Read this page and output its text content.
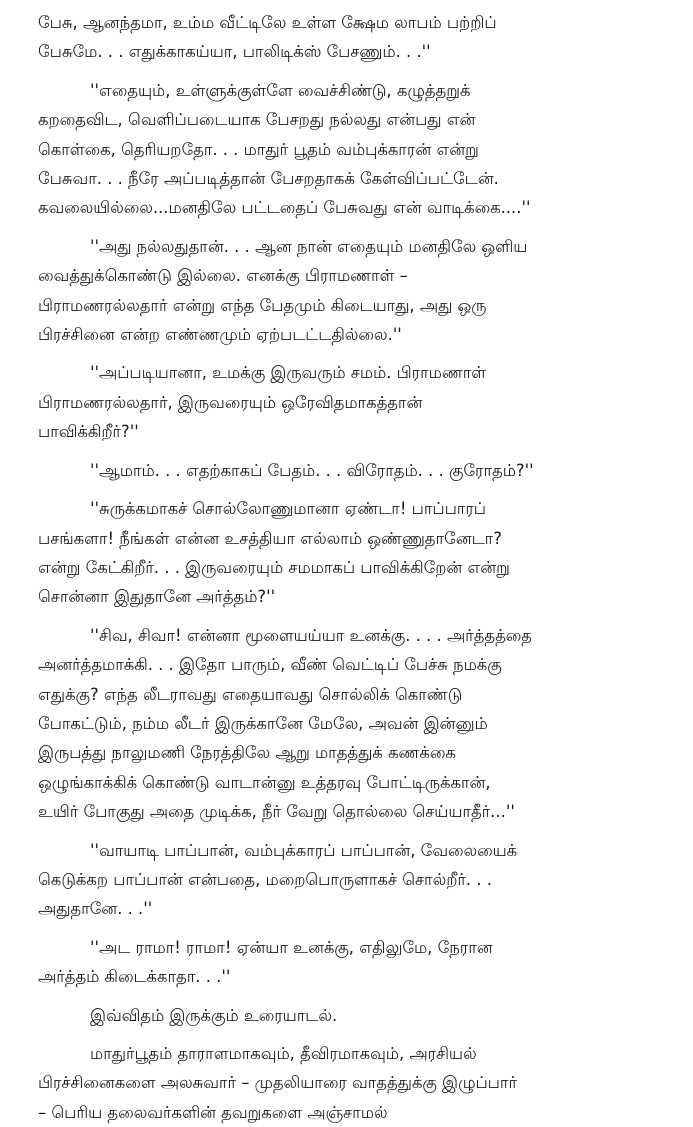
பேசு, ஆனந்தமா, உம்ம வீட்டிலே உள்ள க்ஷேம லாபம் பற்றிப்
பேசுமே. . . எதுக்காகய்யா, பாலிடிக்ஸ் பேசணும். . .''
''எதையும், உள்ளுக்குள்ளே வைச்சிண்டு, கழுத்தறுக்
கறதைவிட, வெளிப்படையாக பேசறது நல்லது என்பது என்
கொள்கை, தெரியறதோ. . . மாதுர் பூதம் வம்புக்காரன் என்று
பேசுவா. . . நீரே அப்படித்தான் பேசறதாகக் கேள்விப்பட்டேன்.
கவலையில்லை...மனதிலே பட்டதைப் பேசுவது என் வாடிக்கை....''
''அது நல்லதுதான். . . ஆன நான் எதையும் மனதிலே ஒளிய
வைத்துக்கொண்டு இல்லை. எனக்கு பிராமணாள் –
பிராமணரல்லதார் என்று எந்த பேதமும் கிடையாது, அது ஒரு
பிரச்சினை என்ற எண்ணமும் ஏற்படட்டதில்லை.''
''அப்படியானா, உமக்கு இருவரும் சமம். பிராமணாள்
பிராமணரல்லதார், இருவரையும் ஒரேவிதமாகத்தான்
பாவிக்கிறீர்?''
''ஆமாம். . . எதற்காகப் பேதம். . . விரோதம். . . குரோதம்?''
''சுருக்கமாகச் சொல்லோணுமானா ஏண்டா! பாப்பாரப்
பசங்களா! நீங்கள் என்ன உசத்தியா எல்லாம் ஒண்ணுதானேடா?
என்று கேட்கிறீர். . . இருவரையும் சமமாகப் பாவிக்கிறேன் என்று
சொன்னா இதுதானே அர்த்தம்?''
''சிவ, சிவா! என்னா மூளையய்யா உனக்கு. . . . அர்த்தத்தை
அனர்த்தமாக்கி. . . இதோ பாரும், வீண் வெட்டிப் பேச்சு நமக்கு
எதுக்கு? எந்த லீடராவது எதையாவது சொல்லிக் கொண்டு
போகட்டும், நம்ம லீடர் இருக்கானே மேலே, அவன் இன்னும்
இருபத்து நாலுமணி நேரத்திலே ஆறு மாதத்துக் கணக்கை
ஒழுங்காக்கிக் கொண்டு வாடான்னு உத்தரவு போட்டிருக்கான்,
உயிர் போகுது அதை முடிக்க, நீர் வேறு தொல்லை செய்யாதீர்...''
''வாயாடி பாப்பான், வம்புக்காரப் பாப்பான், வேலையைக்
கெடுக்கற பாப்பான் என்பதை, மறைபொருளாகச் சொல்றீர். . .
அதுதானே. . .''
''அட ராமா! ராமா! ஏன்யா உனக்கு, எதிலுமே, நேரான
அர்த்தம் கிடைக்காதா. . .''
இவ்விதம் இருக்கும் உரையாடல்.
மாதுர்பூதம் தாராளமாகவும், தீவிரமாகவும், அரசியல்
பிரச்சினைகளை அலசுவார் – முதலியாரை வாதத்துக்கு இழுப்பார்
– பெரிய தலைவர்களின் தவறுகளை அஞ்சாமல்
